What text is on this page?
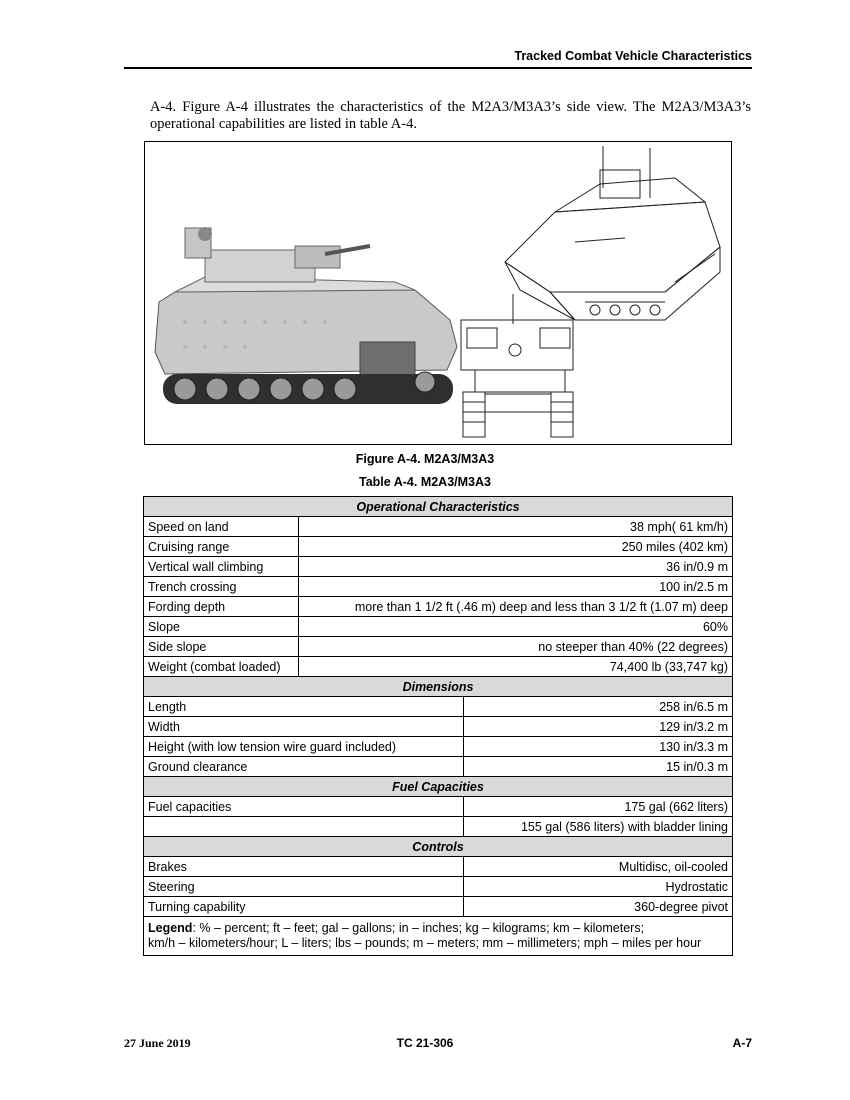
Tracked Combat Vehicle Characteristics

A-4. Figure A-4 illustrates the characteristics of the M2A3/M3A3’s side view. The M2A3/M3A3’s operational capabilities are listed in table A-4.

Figure A-4. M2A3/M3A3
Table A-4. M2A3/M3A3
Operational Characteristics		
Speed on land	38 mph( 61 km/h)	
Cruising range	250 miles (402 km)	
Vertical wall climbing	36 in/0.9 m	
Trench crossing	100 in/2.5 m	
Fording depth	more than 1 1/2 ft (.46 m) deep and less than 3 1/2 ft (1.07 m) deep	
Slope	60%	
Side slope	no steeper than 40% (22 degrees)	
Weight (combat loaded)	74,400 lb (33,747 kg)	
Dimensions		
Length		258 in/6.5 m
Width		129 in/3.2 m
Height (with low tension wire guard included)		130 in/3.3 m
Ground clearance		15 in/0.3 m
Fuel Capacities		
Fuel capacities		175 gal (662 liters)
		155 gal (586 liters) with bladder lining
Controls		
Brakes		Multidisc, oil-cooled
Steering		Hydrostatic
Turning capability		360-degree pivot
Legend: % – percent; ft – feet; gal – gallons; in – inches; kg – kilograms; km – kilometers;
km/h – kilometers/hour; L – liters; lbs – pounds; m – meters; mm – millimeters; mph – miles per hour		
27 June 2019	TC 21-306	A-7
